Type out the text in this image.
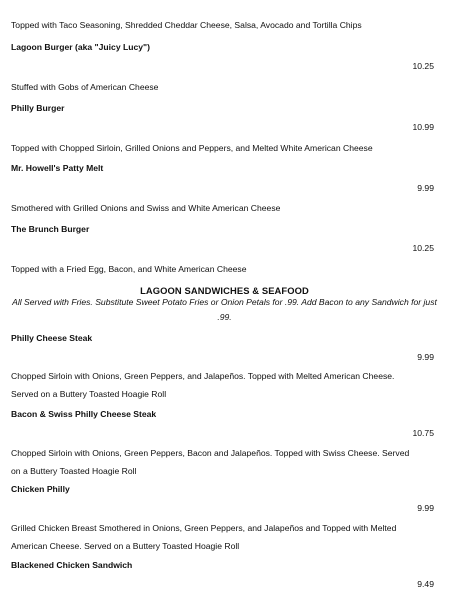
Topped with Taco Seasoning, Shredded Cheddar Cheese, Salsa, Avocado and Tortilla Chips
Lagoon Burger (aka "Juicy Lucy")
10.25
Stuffed with Gobs of American Cheese
Philly Burger
10.99
Topped with Chopped Sirloin, Grilled Onions and Peppers, and Melted White American Cheese
Mr. Howell's Patty Melt
9.99
Smothered with Grilled Onions and Swiss and White American Cheese
The Brunch Burger
10.25
Topped with a Fried Egg, Bacon, and White American Cheese
LAGOON SANDWICHES & SEAFOOD
All Served with Fries. Substitute Sweet Potato Fries or Onion Petals for .99. Add Bacon to any Sandwich for just .99.
Philly Cheese Steak
9.99
Chopped Sirloin with Onions, Green Peppers, and Jalapeños. Topped with Melted American Cheese. Served on a Buttery Toasted Hoagie Roll
Bacon & Swiss Philly Cheese Steak
10.75
Chopped Sirloin with Onions, Green Peppers, Bacon and Jalapeños. Topped with Swiss Cheese. Served on a Buttery Toasted Hoagie Roll
Chicken Philly
9.99
Grilled Chicken Breast Smothered in Onions, Green Peppers, and Jalapeños and Topped with Melted American Cheese. Served on a Buttery Toasted Hoagie Roll
Blackened Chicken Sandwich
9.49
